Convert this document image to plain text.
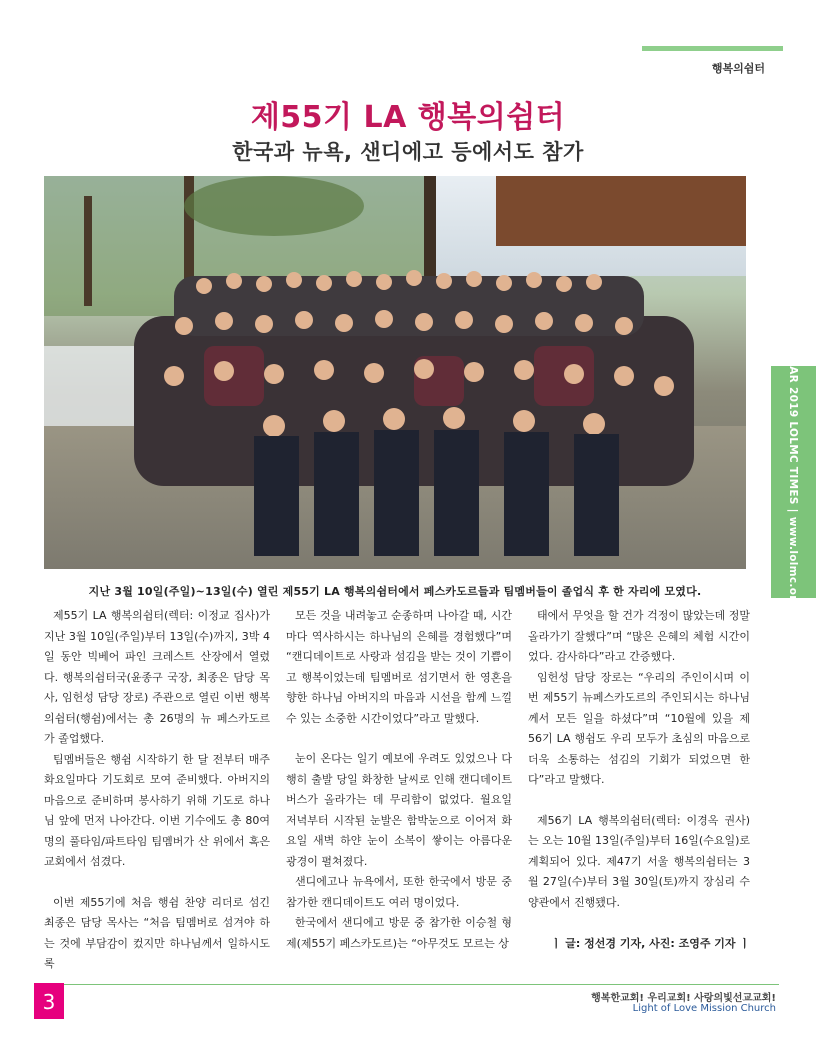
행복의쉼터
제55기 LA 행복의쉼터
한국과 뉴욕, 샌디에고 등에서도 참가
지난 3월 10일(주일)~13일(수) 열린 제55기 LA 행복의쉼터에서 페스카도르들과 팀멤버들이 졸업식 후 한 자리에 모였다.	MAR 2019 LOLMC TIMES | www.lolmc.org

제55기 LA 행복의쉼터(렉터: 이정교 집사)가 지난 3월 10일(주일)부터 13일(수)까지, 3박 4일 동안 빅베어 파인 크레스트 산장에서 열렸다. 행복의쉼터국(윤종구 국장, 최종은 담당 목사, 임헌성 담당 장로) 주관으로 열린 이번 행복의쉼터(행쉼)에서는 총 26명의 뉴 페스카도르가 졸업했다.

팀멤버들은 행쉼 시작하기 한 달 전부터 매주 화요일마다 기도회로 모여 준비했다. 아버지의 마음으로 준비하며 봉사하기 위해 기도로 하나님 앞에 먼저 나아간다. 이번 기수에도 총 80여 명의 풀타임/파트타임 팀멤버가 산 위에서 혹은 교회에서 섬겼다.

이번 제55기에 처음 행쉼 찬양 리더로 섬긴 최종은 담당 목사는 “처음 팀멤버로 섬겨야 하는 것에 부담감이 컸지만 하나님께서 일하시도록

모든 것을 내려놓고 순종하며 나아갈 때, 시간마다 역사하시는 하나님의 은혜를 경험했다”며 “캔디데이트로 사랑과 섬김을 받는 것이 기쁨이고 행복이었는데 팀멤버로 섬기면서 한 영혼을 향한 하나님 아버지의 마음과 시선을 함께 느낄 수 있는 소중한 시간이었다”라고 말했다.

눈이 온다는 일기 예보에 우려도 있었으나 다행히 출발 당일 화창한 날씨로 인해 캔디데이트 버스가 올라가는 데 무리함이 없었다. 월요일 저녁부터 시작된 눈발은 함박눈으로 이어져 화요일 새벽 하얀 눈이 소복이 쌓이는 아름다운 광경이 펼쳐졌다.

샌디에고나 뉴욕에서, 또한 한국에서 방문 중 참가한 캔디데이트도 여러 명이었다.

한국에서 샌디에고 방문 중 참가한 이승철 형제(제55기 페스카도르)는 “아무것도 모르는 상

태에서 무엇을 할 건가 걱정이 많았는데 정말 올라가기 잘했다”며 “많은 은혜의 체험 시간이었다. 감사하다”라고 간증했다.

임헌성 담당 장로는 “우리의 주인이시며 이번 제55기 뉴페스카도르의 주인되시는 하나님께서 모든 일을 하셨다”며 “10월에 있을 제 56기 LA 행쉼도 우리 모두가 초심의 마음으로 더욱 소통하는 섬김의 기회가 되었으면 한다”라고 말했다.

제56기 LA 행복의쉼터(렉터: 이경옥 권사)는 오는 10월 13일(주일)부터 16일(수요일)로 계획되어 있다. 제47기 서울 행복의쉼터는 3월 27일(수)부터 3월 30일(토)까지 장심리 수양관에서 진행됐다.

ㅣ 글: 정선경 기자, 사진: 조영주 기자 ㅣ

3	행복한교회! 우리교회! 사랑의빛선교교회!
Light of Love Mission Church
